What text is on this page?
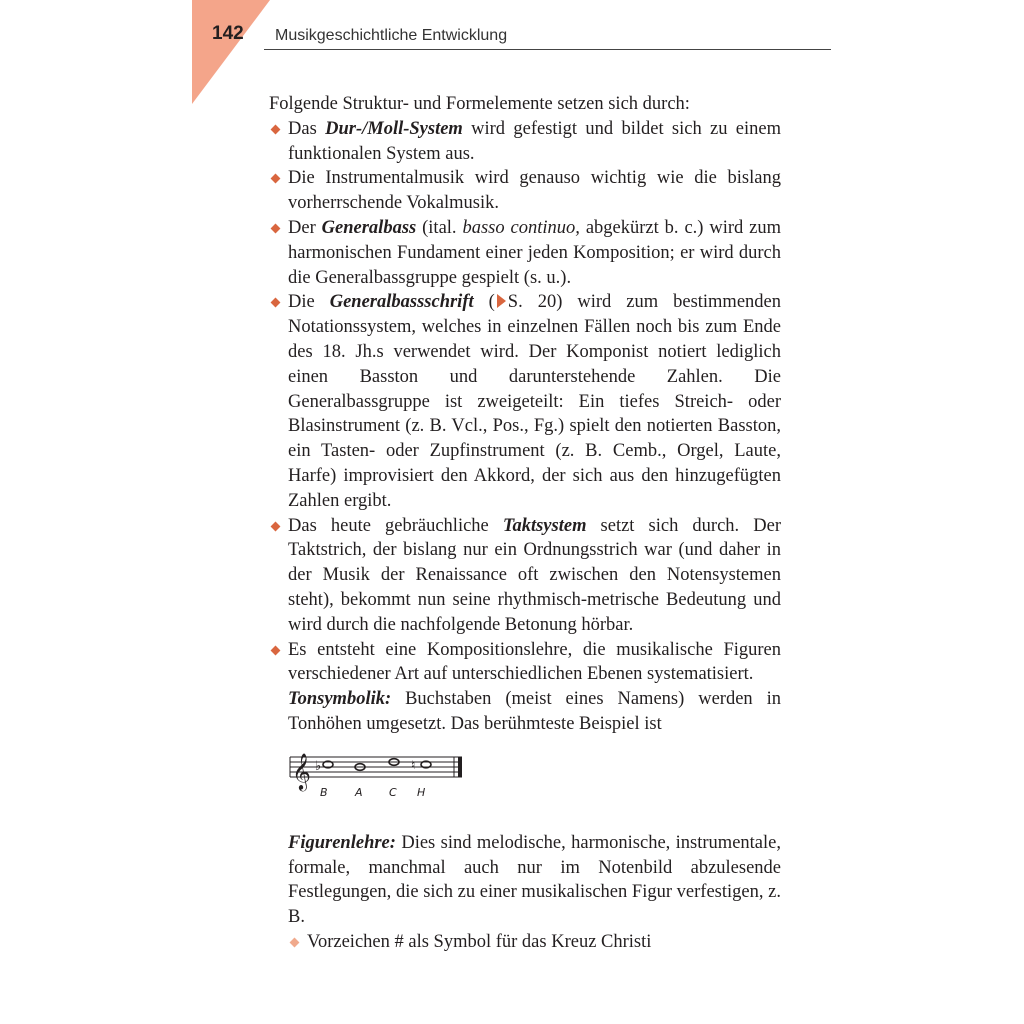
142 Musikgeschichtliche Entwicklung

Folgende Struktur- und Formelemente setzen sich durch:

Das Dur-/Moll-System wird gefestigt und bildet sich zu einem funktionalen System aus.
Die Instrumentalmusik wird genauso wichtig wie die bislang vorherrschende Vokalmusik.
Der Generalbass (ital. basso continuo, abgekürzt b. c.) wird zum harmonischen Fundament einer jeden Komposition; er wird durch die Generalbassgruppe gespielt (s. u.).
Die Generalbassschrift ( S. 20) wird zum bestimmenden Notationssystem, welches in einzelnen Fällen noch bis zum Ende des 18. Jh.s verwendet wird. Der Komponist notiert lediglich einen Basston und darunterstehende Zahlen. Die Generalbassgruppe ist zweigeteilt: Ein tiefes Streich- oder Blasinstrument (z. B. Vcl., Pos., Fg.) spielt den notierten Basston, ein Tasten- oder Zupfinstrument (z. B. Cemb., Orgel, Laute, Harfe) improvisiert den Akkord, der sich aus den hinzugefügten Zahlen ergibt.
Das heute gebräuchliche Taktsystem setzt sich durch. Der Taktstrich, der bislang nur ein Ordnungsstrich war (und daher in der Musik der Renaissance oft zwischen den Notensystemen steht), bekommt nun seine rhythmisch-metrische Bedeutung und wird durch die nachfolgende Betonung hörbar.
Es entsteht eine Kompositionslehre, die musikalische Figuren verschiedener Art auf unterschiedlichen Ebenen systematisiert.

Tonsymbolik: Buchstaben (meist eines Namens) werden in Tonhöhen umgesetzt. Das berühmteste Beispiel ist

𝄞 ♭	♮
B A C H

Figurenlehre: Dies sind melodische, harmonische, instrumentale, formale, manchmal auch nur im Notenbild abzulesende Festlegungen, die sich zu einer musikalischen Figur verfestigen, z. B.

Vorzeichen # als Symbol für das Kreuz Christi
